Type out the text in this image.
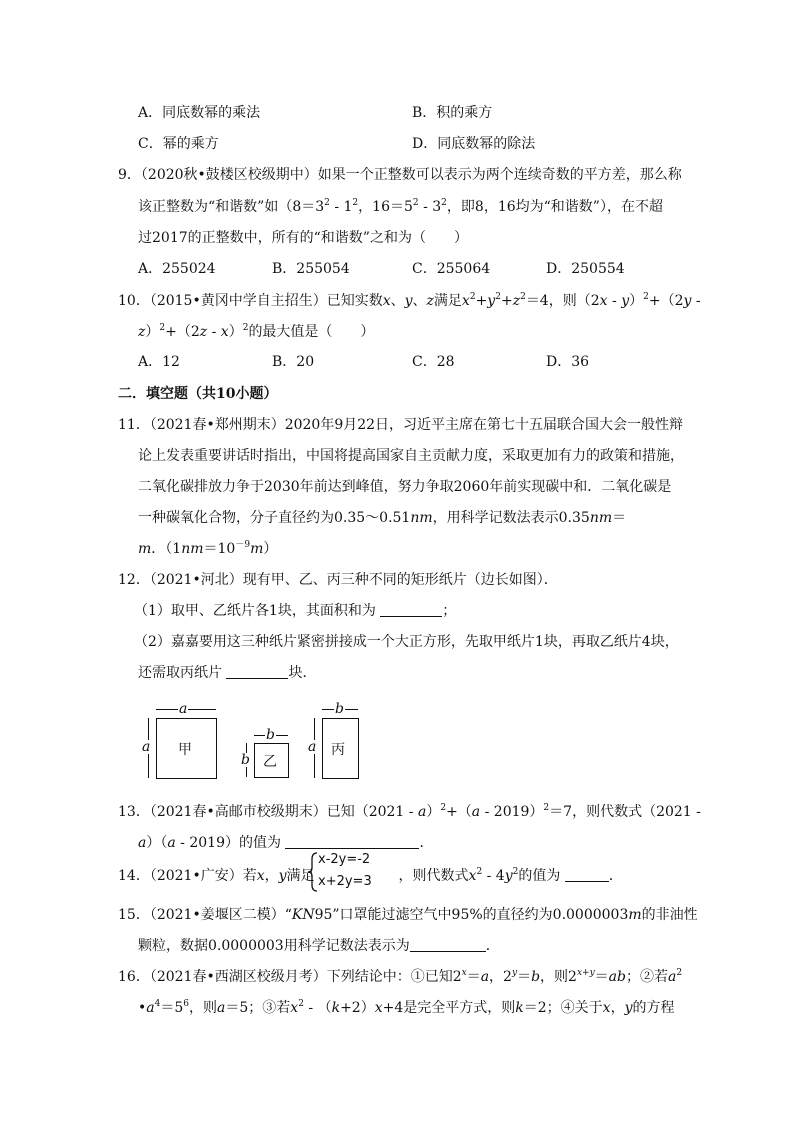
A．同底数幂的乘法	B．积的乘方
C．幂的乘方	D．同底数幂的除法
9．（2020秋•鼓楼区校级期中）如果一个正整数可以表示为两个连续奇数的平方差，那么称
该正整数为“和谐数”如（$8=3^2 - 1^2$，$16=5^2 - 3^2$，即8，16均为“和谐数”），在不超
过2017的正整数中，所有的“和谐数”之和为（　　）
A．255024	B．255054	C．255064	D．250554
10．（2015•黄冈中学自主招生）已知实数x、y、z满足$x^2+y^2+z^2=4$，则（2x - y）$^2$+（2y -
z）$^2$+（2z - x）$^2$的最大值是（　　）
A．12	B．20	C．28	D．36
二．填空题（共10小题）
11．（2021春•郑州期末）2020年9月22日，习近平主席在第七十五届联合国大会一般性辩
论上发表重要讲话时指出，中国将提高国家自主贡献力度，采取更加有力的政策和措施，
二氧化碳排放力争于2030年前达到峰值，努力争取2060年前实现碳中和．二氧化碳是
一种碳氧化合物，分子直径约为0.35～0.51nm，用科学记数法表示0.35nm＝
m．$(1nm=10^{-9}m)$
12．（2021•河北）现有甲、乙、丙三种不同的矩形纸片（边长如图）．
（1）取甲、乙纸片各1块，其面积和为	；
（2）嘉嘉要用这三种纸片紧密拼接成一个大正方形，先取甲纸片1块，再取乙纸片4块，
还需取丙纸片	块．
a
a 甲
b
b 乙
b
a 丙
13．（2021春•高邮市校级期末）已知（2021 - a）$^2$+（a - 2019）$^2$＝7，则代数式（2021 -
a）（a - 2019）的值为	．
14．（2021•广安）若x，y满足	，则代数式$x^2 - 4y^2$的值为	．
x-2y=-2
x+2y=3
15．（2021•姜堰区二模）“KN95”口罩能过滤空气中95%的直径约为0.0000003m的非油性
颗粒，数据0.0000003用科学记数法表示为	．
16．（2021春•西湖区校级月考）下列结论中：①已知$2^x=a$，$2^y=b$，则$2^{x+y}=ab$；②若$a^2$
$•a^4=5^6$，则a＝5；③若$x^2 - (k+2)x+4$是完全平方式，则k＝2；④关于x，y的方程
